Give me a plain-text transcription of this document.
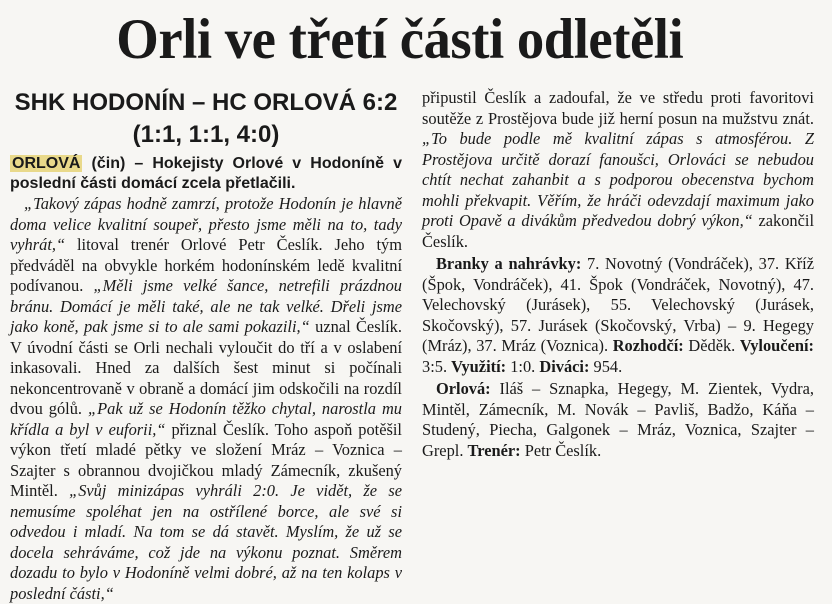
Orli ve třetí části odletěli
SHK HODONÍN – HC ORLOVÁ 6:2
(1:1, 1:1, 4:0)
ORLOVÁ (čin) – Hokejisty Orlové v Hodoníně v poslední části domácí zcela přetlačili.

„Takový zápas hodně zamrzí, protože Hodonín je hlavně doma velice kvalitní soupeř, přesto jsme měli na to, tady vyhrát,“ litoval trenér Orlové Petr Česlík. Jeho tým předváděl na obvykle horkém hodonínském ledě kvalitní podívanou. „Měli jsme velké šance, netrefili prázdnou bránu. Domácí je měli také, ale ne tak velké. Dřeli jsme jako koně, pak jsme si to ale sami pokazili,“ uznal Česlík. V úvodní části se Orli nechali vyloučit do tří a v oslabení inkasovali. Hned za dalších šest minut si počínali nekoncentrovaně v obraně a domácí jim odskočili na rozdíl dvou gólů. „Pak už se Hodonín těžko chytal, narostla mu křídla a byl v euforii,“ přiznal Česlík. Toho aspoň potěšil výkon třetí mladé pětky ve složení Mráz – Voznica – Szajter s obrannou dvojičkou mladý Zámecník, zkušený Mintěl. „Svůj minizápas vyhráli 2:0. Je vidět, že se nemusíme spoléhat jen na ostřílené borce, ale své si odvedou i mladí. Na tom se dá stavět. Myslím, že už se docela sehráváme, což jde na výkonu poznat. Směrem dozadu to bylo v Hodoníně velmi dobré, až na ten kolaps v poslední části,“

připustil Česlík a zadoufal, že ve středu proti favoritovi soutěže z Prostějova bude již herní posun na mužstvu znát. „To bude podle mě kvalitní zápas s atmosférou. Z Prostějova určitě dorazí fanoušci, Orlováci se nebudou chtít nechat zahanbit a s podporou obecenstva bychom mohli překvapit. Věřím, že hráči odevzdají maximum jako proti Opavě a divákům předvedou dobrý výkon,“ zakončil Česlík.

Branky a nahrávky: 7. Novotný (Vondráček), 37. Kříž (Špok, Vondráček), 41. Špok (Vondráček, Novotný), 47. Velechovský (Jurásek), 55. Velechovský (Jurásek, Skočovský), 57. Jurásek (Skočovský, Vrba) – 9. Hegegy (Mráz), 37. Mráz (Voznica). Rozhodčí: Děděk. Vyloučení: 3:5. Využití: 1:0. Diváci: 954.

Orlová: Iláš – Sznapka, Hegegy, M. Zientek, Vydra, Mintěl, Zámecník, M. Novák – Pavliš, Badžo, Káňa – Studený, Piecha, Galgonek – Mráz, Voznica, Szajter – Grepl. Trenér: Petr Česlík.
